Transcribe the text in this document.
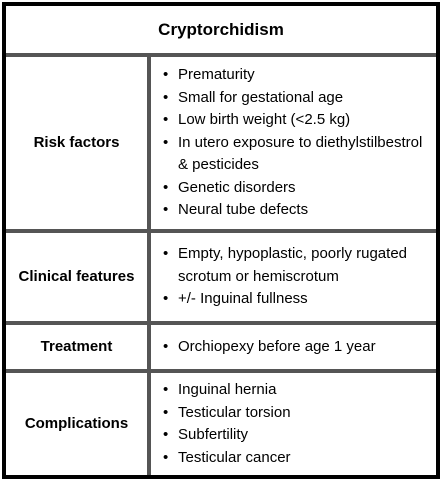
Cryptorchidism
Risk factors
• Prematurity
• Small for gestational age
• Low birth weight (<2.5 kg)
• In utero exposure to diethylstilbestrol & pesticides
• Genetic disorders
• Neural tube defects
Clinical features
• Empty, hypoplastic, poorly rugated scrotum or hemiscrotum
• +/- Inguinal fullness
Treatment
•	Orchiopexy before age 1 year
Complications
• Inguinal hernia
• Testicular torsion
• Subfertility
• Testicular cancer
